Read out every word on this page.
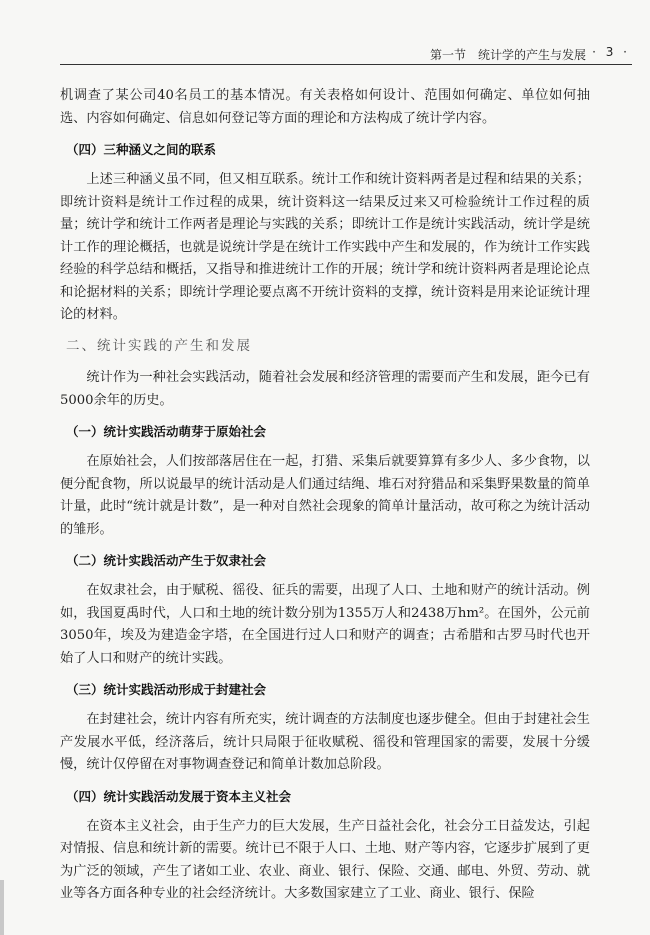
第一节　统计学的产生与发展 · 3 ·

机调查了某公司40名员工的基本情况。有关表格如何设计、范围如何确定、单位如何抽选、内容如何确定、信息如何登记等方面的理论和方法构成了统计学内容。

（四）三种涵义之间的联系

上述三种涵义虽不同，但又相互联系。统计工作和统计资料两者是过程和结果的关系；即统计资料是统计工作过程的成果，统计资料这一结果反过来又可检验统计工作过程的质量；统计学和统计工作两者是理论与实践的关系；即统计工作是统计实践活动，统计学是统计工作的理论概括，也就是说统计学是在统计工作实践中产生和发展的，作为统计工作实践经验的科学总结和概括，又指导和推进统计工作的开展；统计学和统计资料两者是理论论点和论据材料的关系；即统计学理论要点离不开统计资料的支撑，统计资料是用来论证统计理论的材料。

二、统计实践的产生和发展

统计作为一种社会实践活动，随着社会发展和经济管理的需要而产生和发展，距今已有5000余年的历史。

（一）统计实践活动萌芽于原始社会

在原始社会，人们按部落居住在一起，打猎、采集后就要算算有多少人、多少食物，以便分配食物，所以说最早的统计活动是人们通过结绳、堆石对狩猎品和采集野果数量的简单计量，此时“统计就是计数”，是一种对自然社会现象的简单计量活动，故可称之为统计活动的雏形。

（二）统计实践活动产生于奴隶社会

在奴隶社会，由于赋税、徭役、征兵的需要，出现了人口、土地和财产的统计活动。例如，我国夏禹时代，人口和土地的统计数分别为1355万人和2438万hm²。在国外，公元前3050年，埃及为建造金字塔，在全国进行过人口和财产的调查；古希腊和古罗马时代也开始了人口和财产的统计实践。

（三）统计实践活动形成于封建社会

在封建社会，统计内容有所充实，统计调查的方法制度也逐步健全。但由于封建社会生产发展水平低，经济落后，统计只局限于征收赋税、徭役和管理国家的需要，发展十分缓慢，统计仅停留在对事物调查登记和简单计数加总阶段。

（四）统计实践活动发展于资本主义社会

在资本主义社会，由于生产力的巨大发展，生产日益社会化，社会分工日益发达，引起对情报、信息和统计新的需要。统计已不限于人口、土地、财产等内容，它逐步扩展到了更为广泛的领域，产生了诸如工业、农业、商业、银行、保险、交通、邮电、外贸、劳动、就业等各方面各种专业的社会经济统计。大多数国家建立了工业、商业、银行、保险
